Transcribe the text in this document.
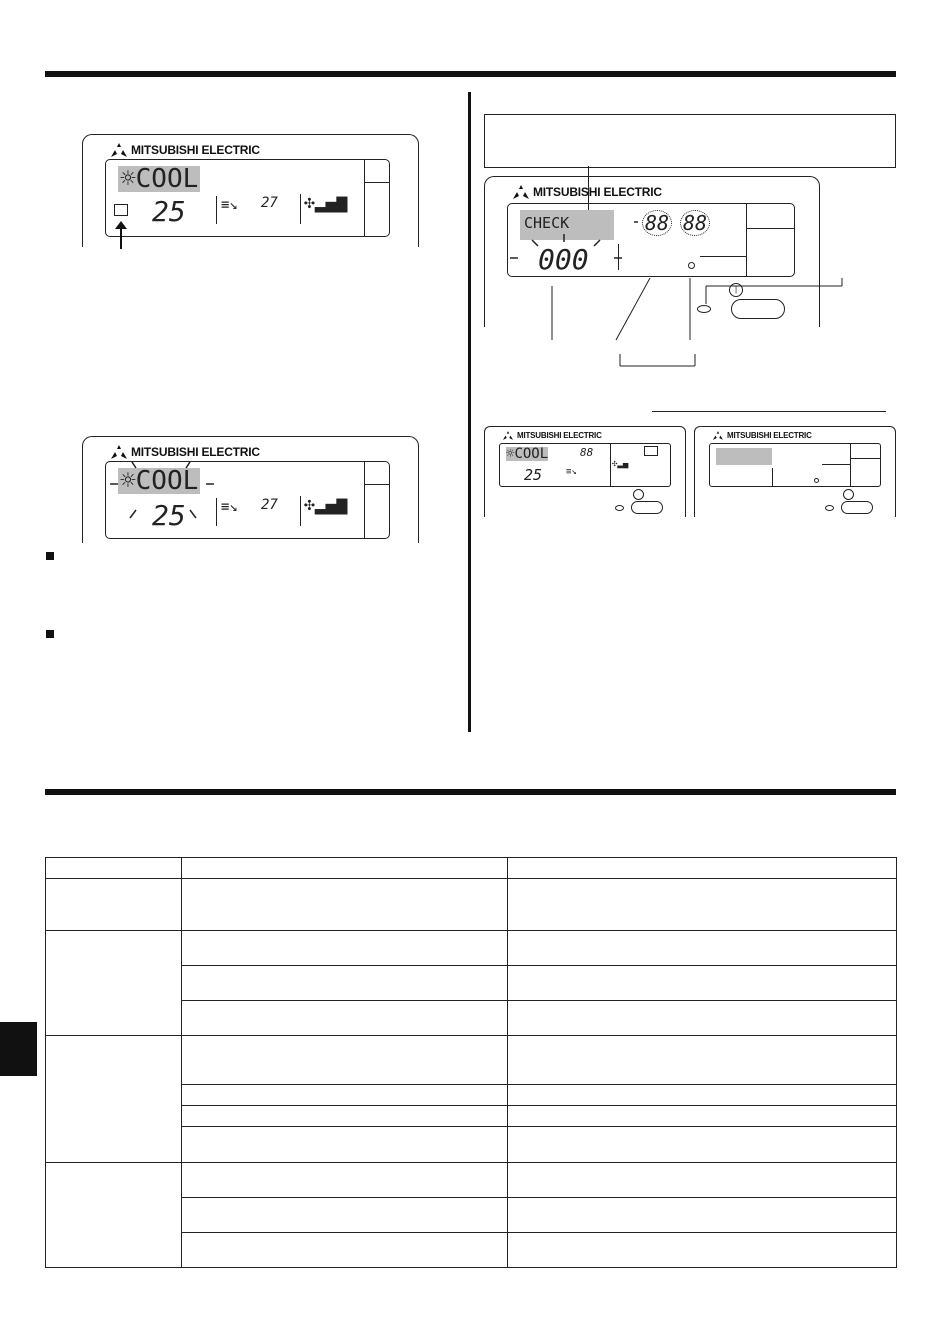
MITSUBISHI ELECTRIC
☼COOL
25	≡↘ 27 ✣▂▄▆
MITSUBISHI ELECTRIC
☼COOL
25	≡↘ 27 ✣▂▄▆
MITSUBISHI ELECTRIC
CHECK
000
88 88
|
MITSUBISHI ELECTRIC
☼COOL
25
88
≡↘
✣▂▄
MITSUBISHI ELECTRIC
